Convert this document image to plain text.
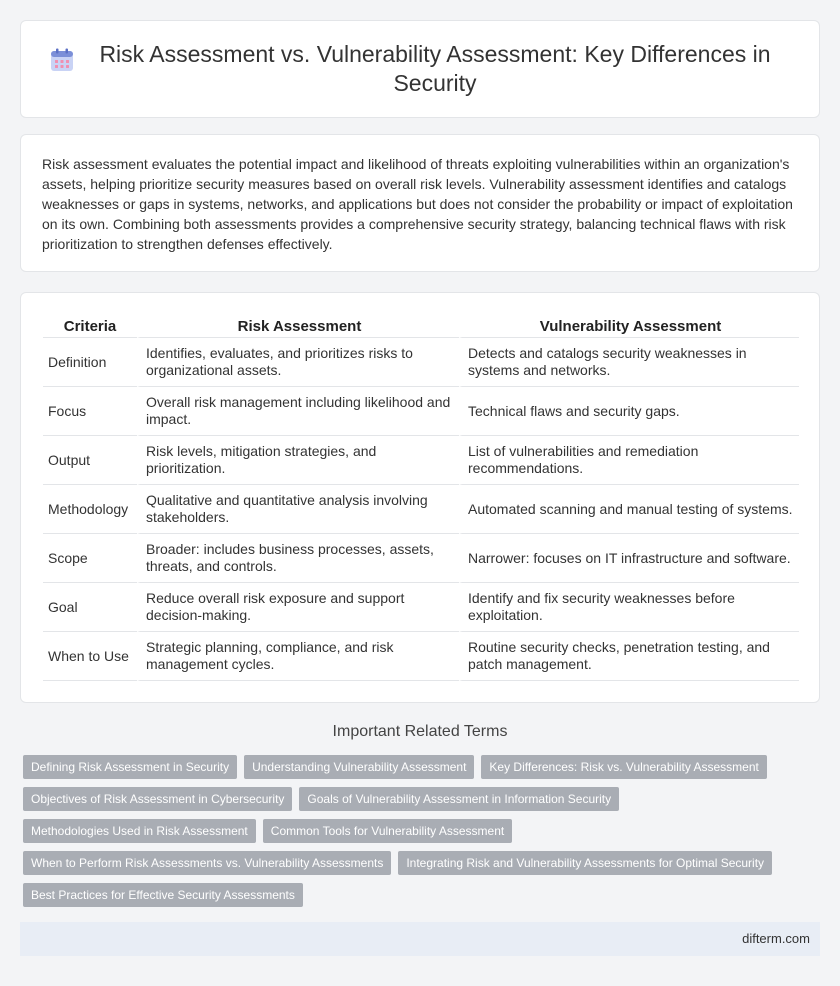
Risk Assessment vs. Vulnerability Assessment: Key Differences in Security

Risk assessment evaluates the potential impact and likelihood of threats exploiting vulnerabilities within an organization's assets, helping prioritize security measures based on overall risk levels. Vulnerability assessment identifies and catalogs weaknesses or gaps in systems, networks, and applications but does not consider the probability or impact of exploitation on its own. Combining both assessments provides a comprehensive security strategy, balancing technical flaws with risk prioritization to strengthen defenses effectively.

Criteria	Risk Assessment	Vulnerability Assessment
Definition	Identifies, evaluates, and prioritizes risks to organizational assets.	Detects and catalogs security weaknesses in systems and networks.
Focus	Overall risk management including likelihood and impact.	Technical flaws and security gaps.
Output	Risk levels, mitigation strategies, and prioritization.	List of vulnerabilities and remediation recommendations.
Methodology	Qualitative and quantitative analysis involving stakeholders.	Automated scanning and manual testing of systems.
Scope	Broader: includes business processes, assets, threats, and controls.	Narrower: focuses on IT infrastructure and software.
Goal	Reduce overall risk exposure and support decision-making.	Identify and fix security weaknesses before exploitation.
When to Use	Strategic planning, compliance, and risk management cycles.	Routine security checks, penetration testing, and patch management.
Important Related Terms
Defining Risk Assessment in Security	Understanding Vulnerability Assessment	Key Differences: Risk vs. Vulnerability Assessment
Objectives of Risk Assessment in Cybersecurity	Goals of Vulnerability Assessment in Information Security
Methodologies Used in Risk Assessment	Common Tools for Vulnerability Assessment
When to Perform Risk Assessments vs. Vulnerability Assessments	Integrating Risk and Vulnerability Assessments for Optimal Security
Best Practices for Effective Security Assessments
difterm.com
